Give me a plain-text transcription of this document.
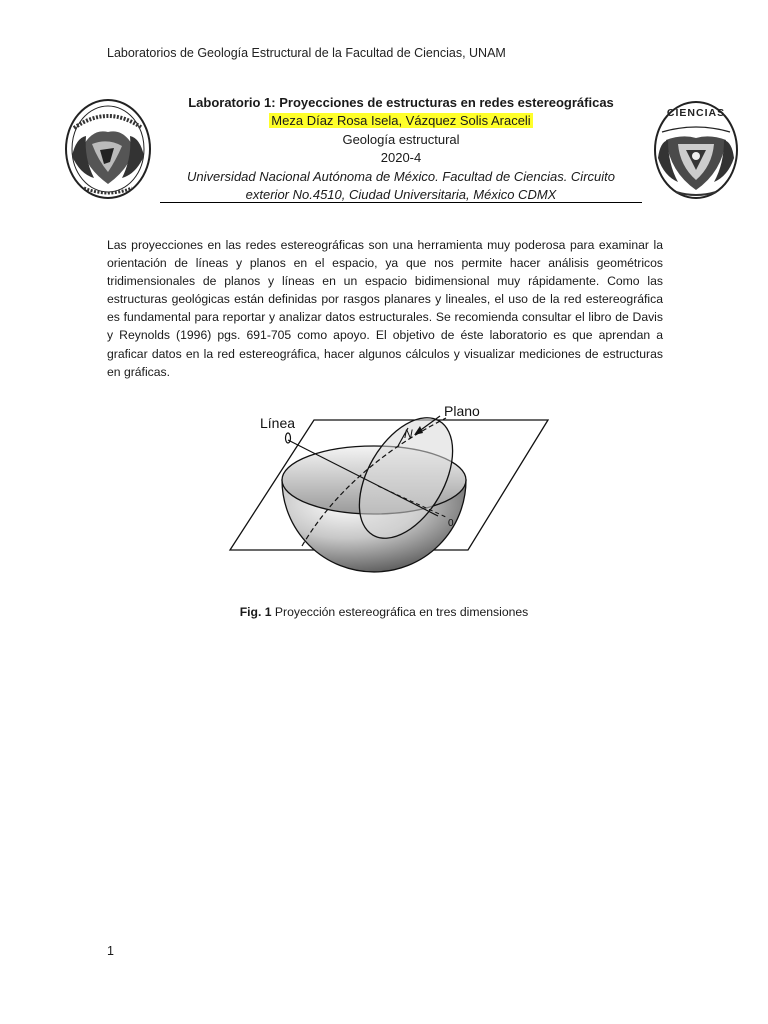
Laboratorios de Geología Estructural de la Facultad de Ciencias, UNAM
CIENCIAS
Laboratorio 1: Proyecciones de estructuras en redes estereográficas
Meza Díaz Rosa Isela, Vázquez Solis Araceli
Geología estructural
2020-4
Universidad Nacional Autónoma de México. Facultad de Ciencias. Circuito
exterior No.4510, Ciudad Universitaria, México CDMX

Las proyecciones en las redes estereográficas son una herramienta muy poderosa para examinar la orientación de líneas y planos en el espacio, ya que nos permite hacer análisis geométricos tridimensionales de planos y líneas en un espacio bidimensional muy rápidamente. Como las estructuras geológicas están definidas por rasgos planares y lineales, el uso de la red estereográfica es fundamental para reportar y analizar datos estructurales. Se recomienda consultar el libro de Davis y Reynolds (1996) pgs. 691-705 como apoyo. El objetivo de éste laboratorio es que aprendan a graficar datos en la red estereográfica, hacer algunos cálculos y visualizar mediciones de estructuras en gráficas.

Línea
Plano
N
0
Fig. 1 Proyección estereográfica en tres dimensiones
1
